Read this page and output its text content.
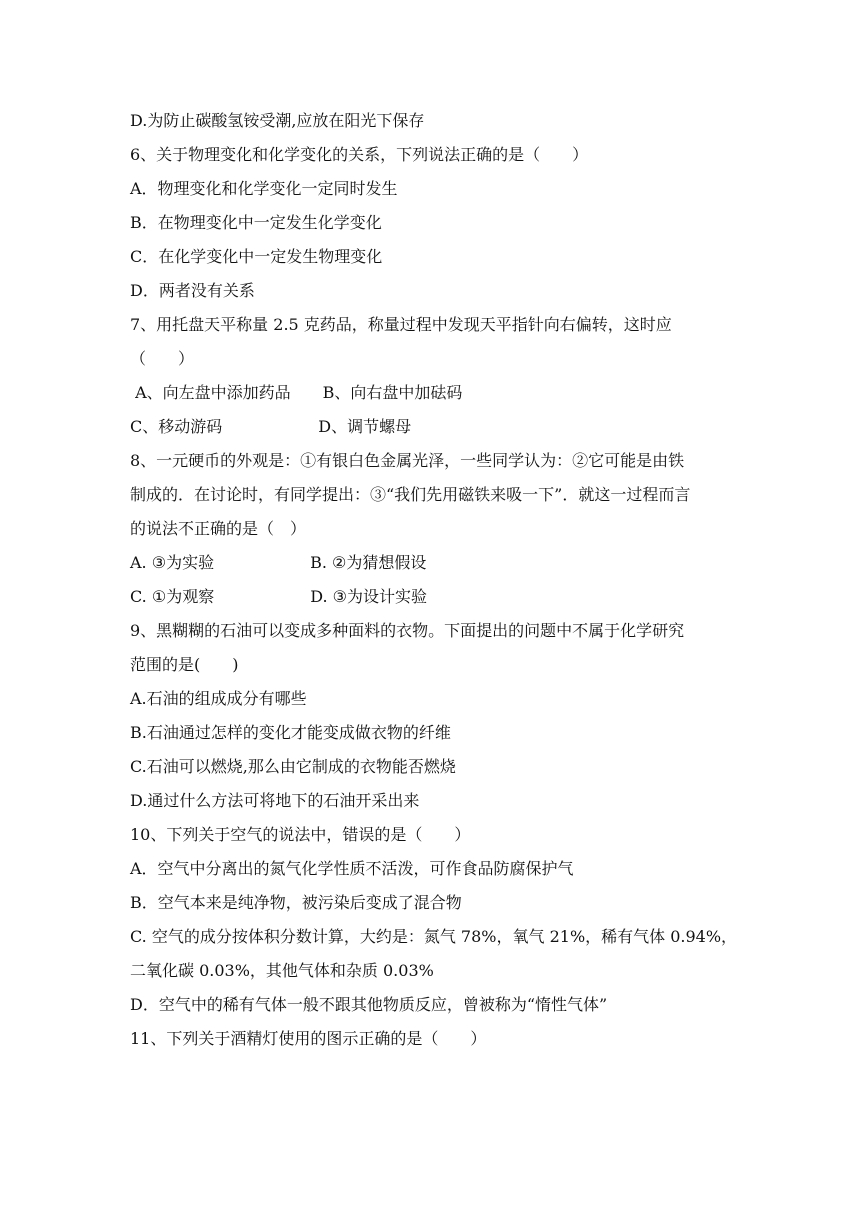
D.为防止碳酸氢铵受潮,应放在阳光下保存
6、关于物理变化和化学变化的关系，下列说法正确的是（　　）
A．物理变化和化学变化一定同时发生
B．在物理变化中一定发生化学变化
C．在化学变化中一定发生物理变化
D．两者没有关系
7、用托盘天平称量 2.5 克药品，称量过程中发现天平指针向右偏转，这时应
（　　）
A、向左盘中添加药品　　B、向右盘中加砝码
C、移动游码　　　　　　D、调节螺母
8、一元硬币的外观是：①有银白色金属光泽，一些同学认为：②它可能是由铁
制成的．在讨论时，有同学提出：③“我们先用磁铁来吸一下”．就这一过程而言
的说法不正确的是（　）
A. ③为实验　　　　　　B. ②为猜想假设
C. ①为观察　　　　　　D. ③为设计实验
9、黑糊糊的石油可以变成多种面料的衣物。下面提出的问题中不属于化学研究
范围的是(　　)
A.石油的组成成分有哪些
B.石油通过怎样的变化才能变成做衣物的纤维
C.石油可以燃烧,那么由它制成的衣物能否燃烧
D.通过什么方法可将地下的石油开采出来
10、下列关于空气的说法中，错误的是（　　）
A．空气中分离出的氮气化学性质不活泼，可作食品防腐保护气
B．空气本来是纯净物，被污染后变成了混合物
C. 空气的成分按体积分数计算，大约是：氮气 78%，氧气 21%，稀有气体 0.94%，
二氧化碳 0.03%，其他气体和杂质 0.03%
D．空气中的稀有气体一般不跟其他物质反应，曾被称为“惰性气体”
11、下列关于酒精灯使用的图示正确的是（　　）
